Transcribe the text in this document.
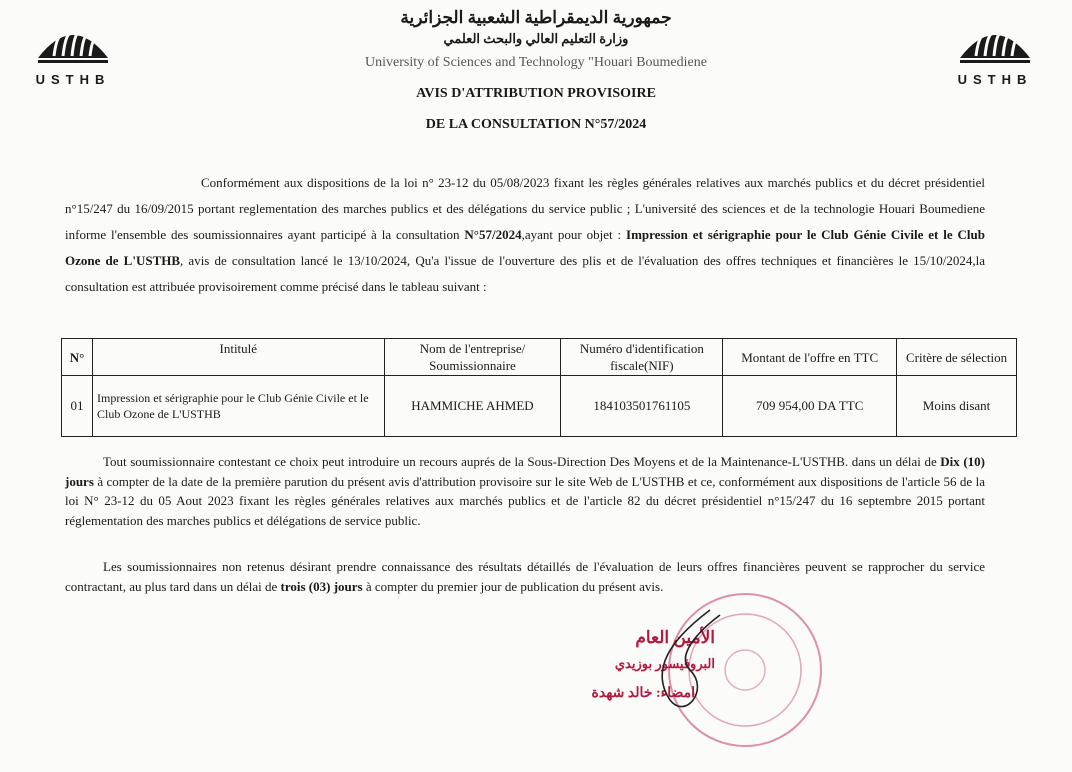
USTHB	USTHB
جمهورية الديمقراطية الشعبية الجزائرية
وزارة التعليم العالي والبحث العلمي
University of Sciences and Technology "Houari Boumediene
AVIS D'ATTRIBUTION PROVISOIRE
DE LA CONSULTATION N°57/2024
Conformément aux dispositions de la loi n° 23-12 du 05/08/2023 fixant les règles générales relatives aux marchés publics et du décret présidentiel n°15/247 du 16/09/2015 portant reglementation des marches publics et des délégations du service public ; L'université des sciences et de la technologie Houari Boumediene informe l'ensemble des soumissionnaires ayant participé à la consultation N°57/2024,ayant pour objet : Impression et sérigraphie pour le Club Génie Civile et le Club Ozone de L'USTHB, avis de consultation lancé le 13/10/2024, Qu'a l'issue de l'ouverture des plis et de l'évaluation des offres techniques et financières le 15/10/2024,la consultation est attribuée provisoirement comme précisé dans le tableau suivant :
N°	Intitulé	Nom de l'entreprise/ Soumissionnaire	Numéro d'identification fiscale(NIF)	Montant de l'offre en TTC	Critère de sélection
01	Impression et sérigraphie pour le Club Génie Civile et le Club Ozone de L'USTHB	HAMMICHE AHMED	184103501761105	709 954,00 DA TTC	Moins disant
Tout soumissionnaire contestant ce choix peut introduire un recours auprés de la Sous-Direction Des Moyens et de la Maintenance-L'USTHB. dans un délai de Dix (10) jours à compter de la date de la première parution du présent avis d'attribution provisoire sur le site Web de L'USTHB et ce, conformément aux dispositions de l'article 56 de la loi N° 23-12 du 05 Aout 2023 fixant les règles générales relatives aux marchés publics et de l'article 82 du décret présidentiel n°15/247 du 16 septembre 2015 portant réglementation des marches publics et délégations de service public.
Les soumissionnaires non retenus désirant prendre connaissance des résultats détaillés de l'évaluation de leurs offres financières peuvent se rapprocher du service contractant, au plus tard dans un délai de trois (03) jours à compter du premier jour de publication du présent avis.
الأمين العام
البروفيسور بوزيدي
امضاء: خالد شهدة
